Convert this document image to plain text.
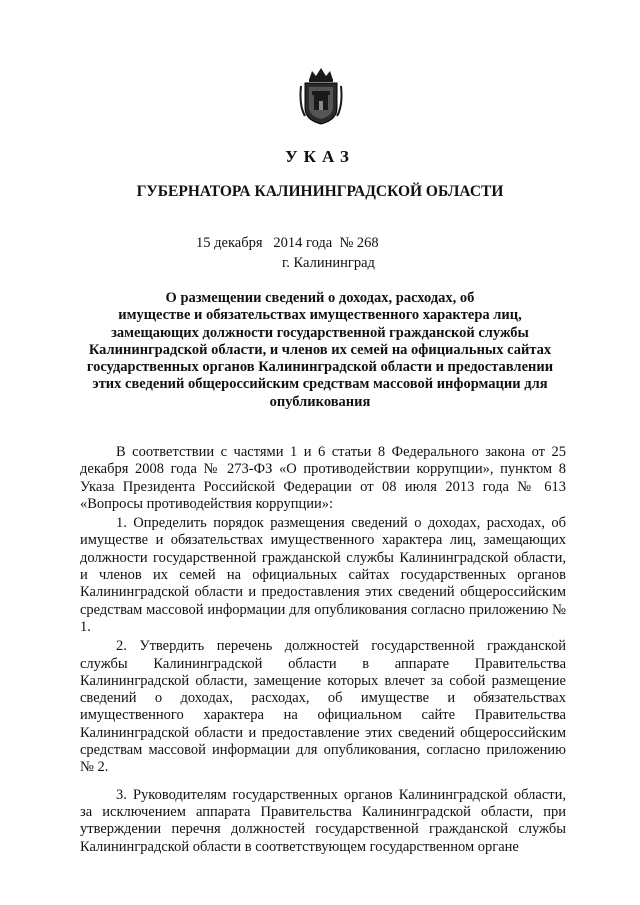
УКАЗ
ГУБЕРНАТОРА КАЛИНИНГРАДСКОЙ ОБЛАСТИ
15 декабря   2014 года  № 268
г. Калининград
О размещении сведений о доходах, расходах, об
имуществе и обязательствах имущественного характера лиц,
замещающих должности государственной гражданской службы
Калининградской области, и членов их семей на официальных сайтах
государственных органов Калининградской области и предоставлении
этих сведений общероссийским средствам массовой информации для
опубликования
В соответствии с частями 1 и 6 статьи 8 Федерального закона от 25 декабря 2008 года № 273-ФЗ «О противодействии коррупции», пунктом 8 Указа Президента Российской Федерации от 08 июля 2013 года № 613 «Вопросы противодействия коррупции»:
1. Определить порядок размещения сведений о доходах, расходах, об имуществе и обязательствах имущественного характера лиц, замещающих должности государственной гражданской службы Калининградской области, и членов их семей на официальных сайтах государственных органов Калининградской области и предоставления этих сведений общероссийским средствам массовой информации для опубликования согласно приложению № 1.
2. Утвердить перечень должностей государственной гражданской службы Калининградской области в аппарате Правительства Калининградской области, замещение которых влечет за собой размещение сведений о доходах, расходах, об имуществе и обязательствах имущественного характера на официальном сайте Правительства Калининградской области и предоставление этих сведений общероссийским средствам массовой информации для опубликования, согласно приложению № 2.
3. Руководителям государственных органов Калининградской области, за исключением аппарата Правительства Калининградской области, при утверждении перечня должностей государственной гражданской службы Калининградской области в соответствующем государственном органе
